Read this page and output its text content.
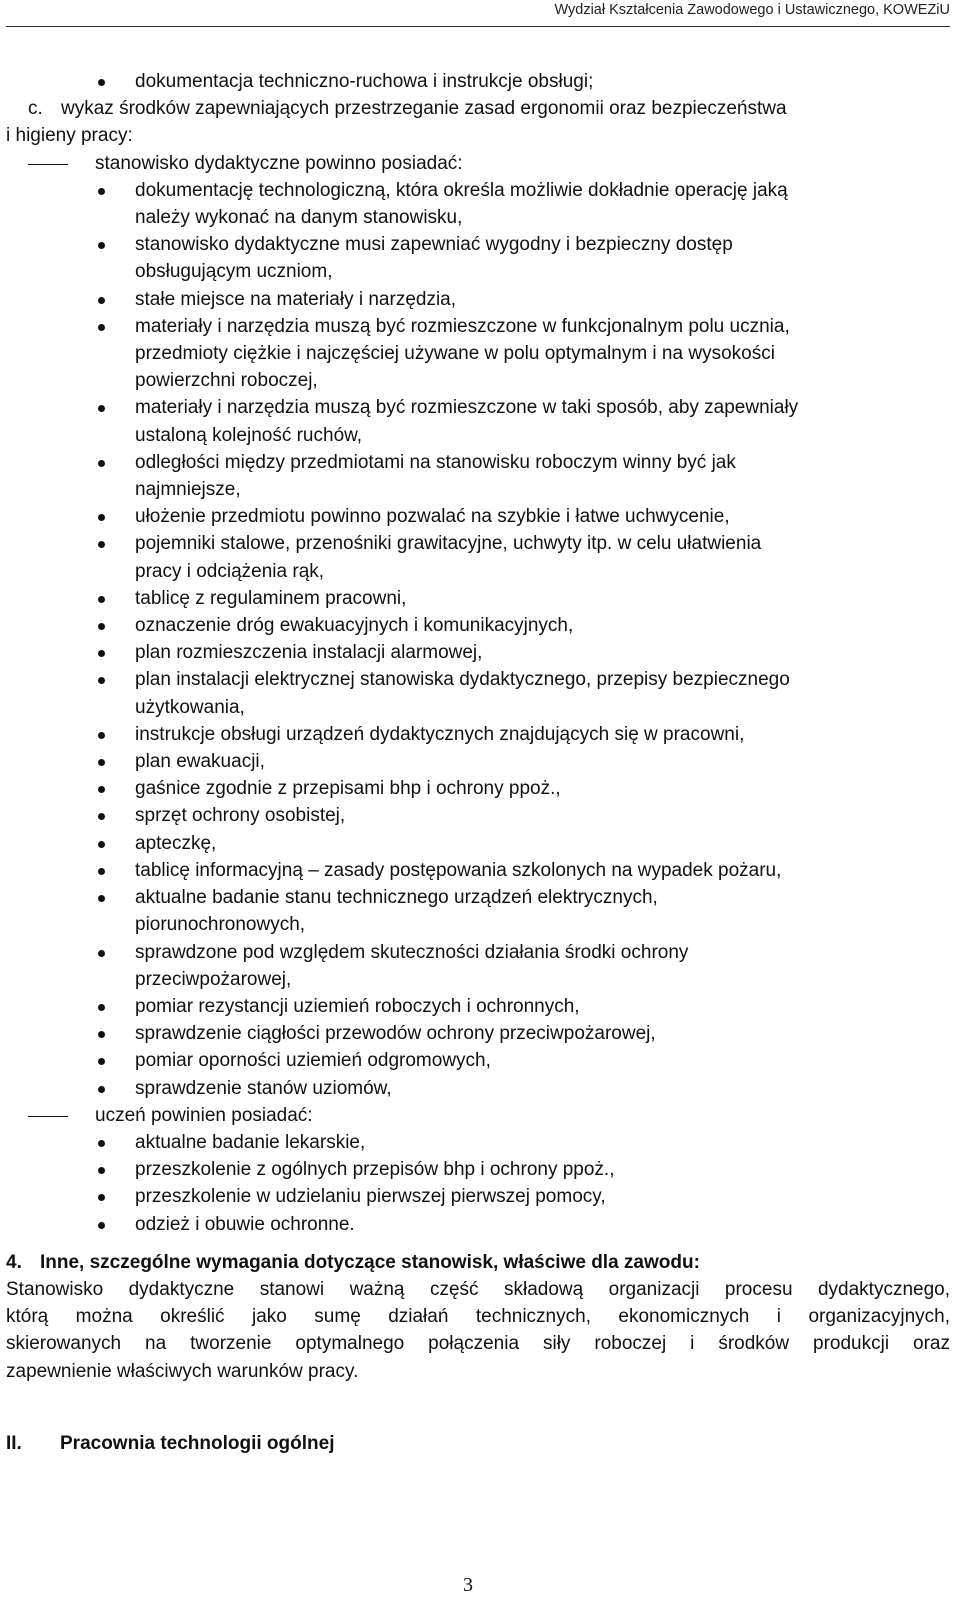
Wydział Kształcenia Zawodowego i Ustawicznego, KOWEZiU
dokumentacja techniczno-ruchowa i instrukcje obsługi;
c. wykaz środków zapewniających przestrzeganie zasad ergonomii oraz bezpieczeństwa
i higieny pracy:
stanowisko dydaktyczne powinno posiadać:
dokumentację technologiczną, która określa możliwie dokładnie operację jaką
należy wykonać na danym stanowisku,
stanowisko dydaktyczne musi zapewniać wygodny i bezpieczny dostęp
obsługującym uczniom,
stałe miejsce na materiały i narzędzia,
materiały i narzędzia muszą być rozmieszczone w funkcjonalnym polu ucznia,
przedmioty ciężkie i najczęściej używane w polu optymalnym i na wysokości
powierzchni roboczej,
materiały i narzędzia muszą być rozmieszczone w taki sposób, aby zapewniały
ustaloną kolejność ruchów,
odległości między przedmiotami na stanowisku roboczym winny być jak
najmniejsze,
ułożenie przedmiotu powinno pozwalać na szybkie i łatwe uchwycenie,
pojemniki stalowe, przenośniki grawitacyjne, uchwyty itp. w celu ułatwienia
pracy i odciążenia rąk,
tablicę z regulaminem pracowni,
oznaczenie dróg ewakuacyjnych i komunikacyjnych,
plan rozmieszczenia instalacji alarmowej,
plan instalacji elektrycznej stanowiska dydaktycznego, przepisy bezpiecznego
użytkowania,
instrukcje obsługi urządzeń dydaktycznych znajdujących się w pracowni,
plan ewakuacji,
gaśnice zgodnie z przepisami bhp i ochrony ppoż.,
sprzęt ochrony osobistej,
apteczkę,
tablicę informacyjną – zasady postępowania szkolonych na wypadek pożaru,
aktualne badanie stanu technicznego urządzeń elektrycznych,
piorunochronowych,
sprawdzone pod względem skuteczności działania środki ochrony
przeciwpożarowej,
pomiar rezystancji uziemień roboczych i ochronnych,
sprawdzenie ciągłości przewodów ochrony przeciwpożarowej,
pomiar oporności uziemień odgromowych,
sprawdzenie stanów uziomów,
uczeń powinien posiadać:
aktualne badanie lekarskie,
przeszkolenie z ogólnych przepisów bhp i ochrony ppoż.,
przeszkolenie w udzielaniu pierwszej pierwszej pomocy,
odzież i obuwie ochronne.
4. Inne, szczególne wymagania dotyczące stanowisk, właściwe dla zawodu:
Stanowisko dydaktyczne stanowi ważną część składową organizacji procesu dydaktycznego,
którą można określić jako sumę działań technicznych, ekonomicznych i organizacyjnych,
skierowanych na tworzenie optymalnego połączenia siły roboczej i środków produkcji oraz
zapewnienie właściwych warunków pracy.
II. Pracownia technologii ogólnej
3
